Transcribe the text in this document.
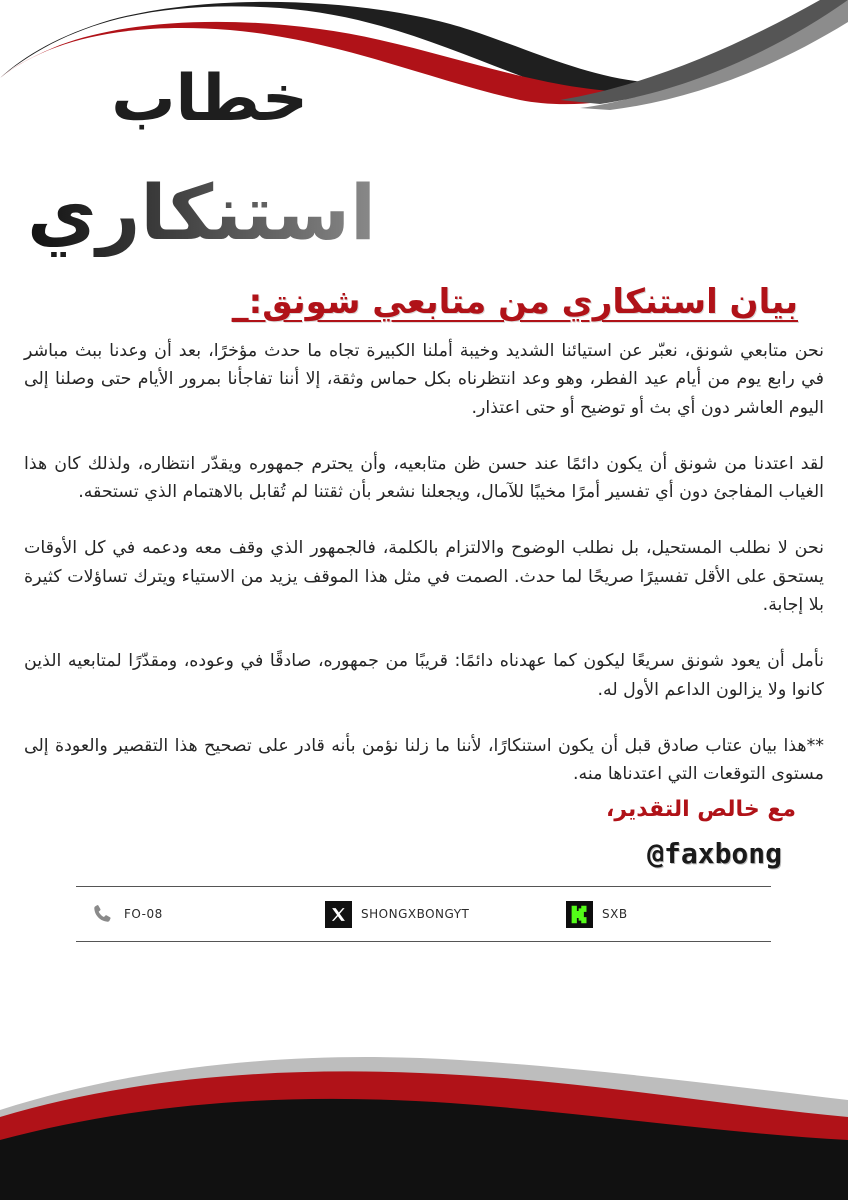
خطاب
استنكاري
بيان استنكاري من متابعي شونق:_

نحن متابعي شونق، نعبّر عن استيائنا الشديد وخيبة أملنا الكبيرة تجاه ما حدث مؤخرًا، بعد أن وعدنا ببث مباشر في رابع يوم من أيام عيد الفطر، وهو وعد انتظرناه بكل حماس وثقة، إلا أننا تفاجأنا بمرور الأيام حتى وصلنا إلى اليوم العاشر دون أي بث أو توضيح أو حتى اعتذار.

لقد اعتدنا من شونق أن يكون دائمًا عند حسن ظن متابعيه، وأن يحترم جمهوره ويقدّر انتظاره، ولذلك كان هذا الغياب المفاجئ دون أي تفسير أمرًا مخيبًا للآمال، ويجعلنا نشعر بأن ثقتنا لم تُقابل بالاهتمام الذي تستحقه.

نحن لا نطلب المستحيل، بل نطلب الوضوح والالتزام بالكلمة، فالجمهور الذي وقف معه ودعمه في كل الأوقات يستحق على الأقل تفسيرًا صريحًا لما حدث. الصمت في مثل هذا الموقف يزيد من الاستياء ويترك تساؤلات كثيرة بلا إجابة.

نأمل أن يعود شونق سريعًا ليكون كما عهدناه دائمًا: قريبًا من جمهوره، صادقًا في وعوده، ومقدّرًا لمتابعيه الذين كانوا ولا يزالون الداعم الأول له.

**هذا بيان عتاب صادق قبل أن يكون استنكارًا، لأننا ما زلنا نؤمن بأنه قادر على تصحيح هذا التقصير والعودة إلى مستوى التوقعات التي اعتدناها منه.

مع خالص التقدير،
@faxbong
FO-08	SHONGXBONGYT	SXB
